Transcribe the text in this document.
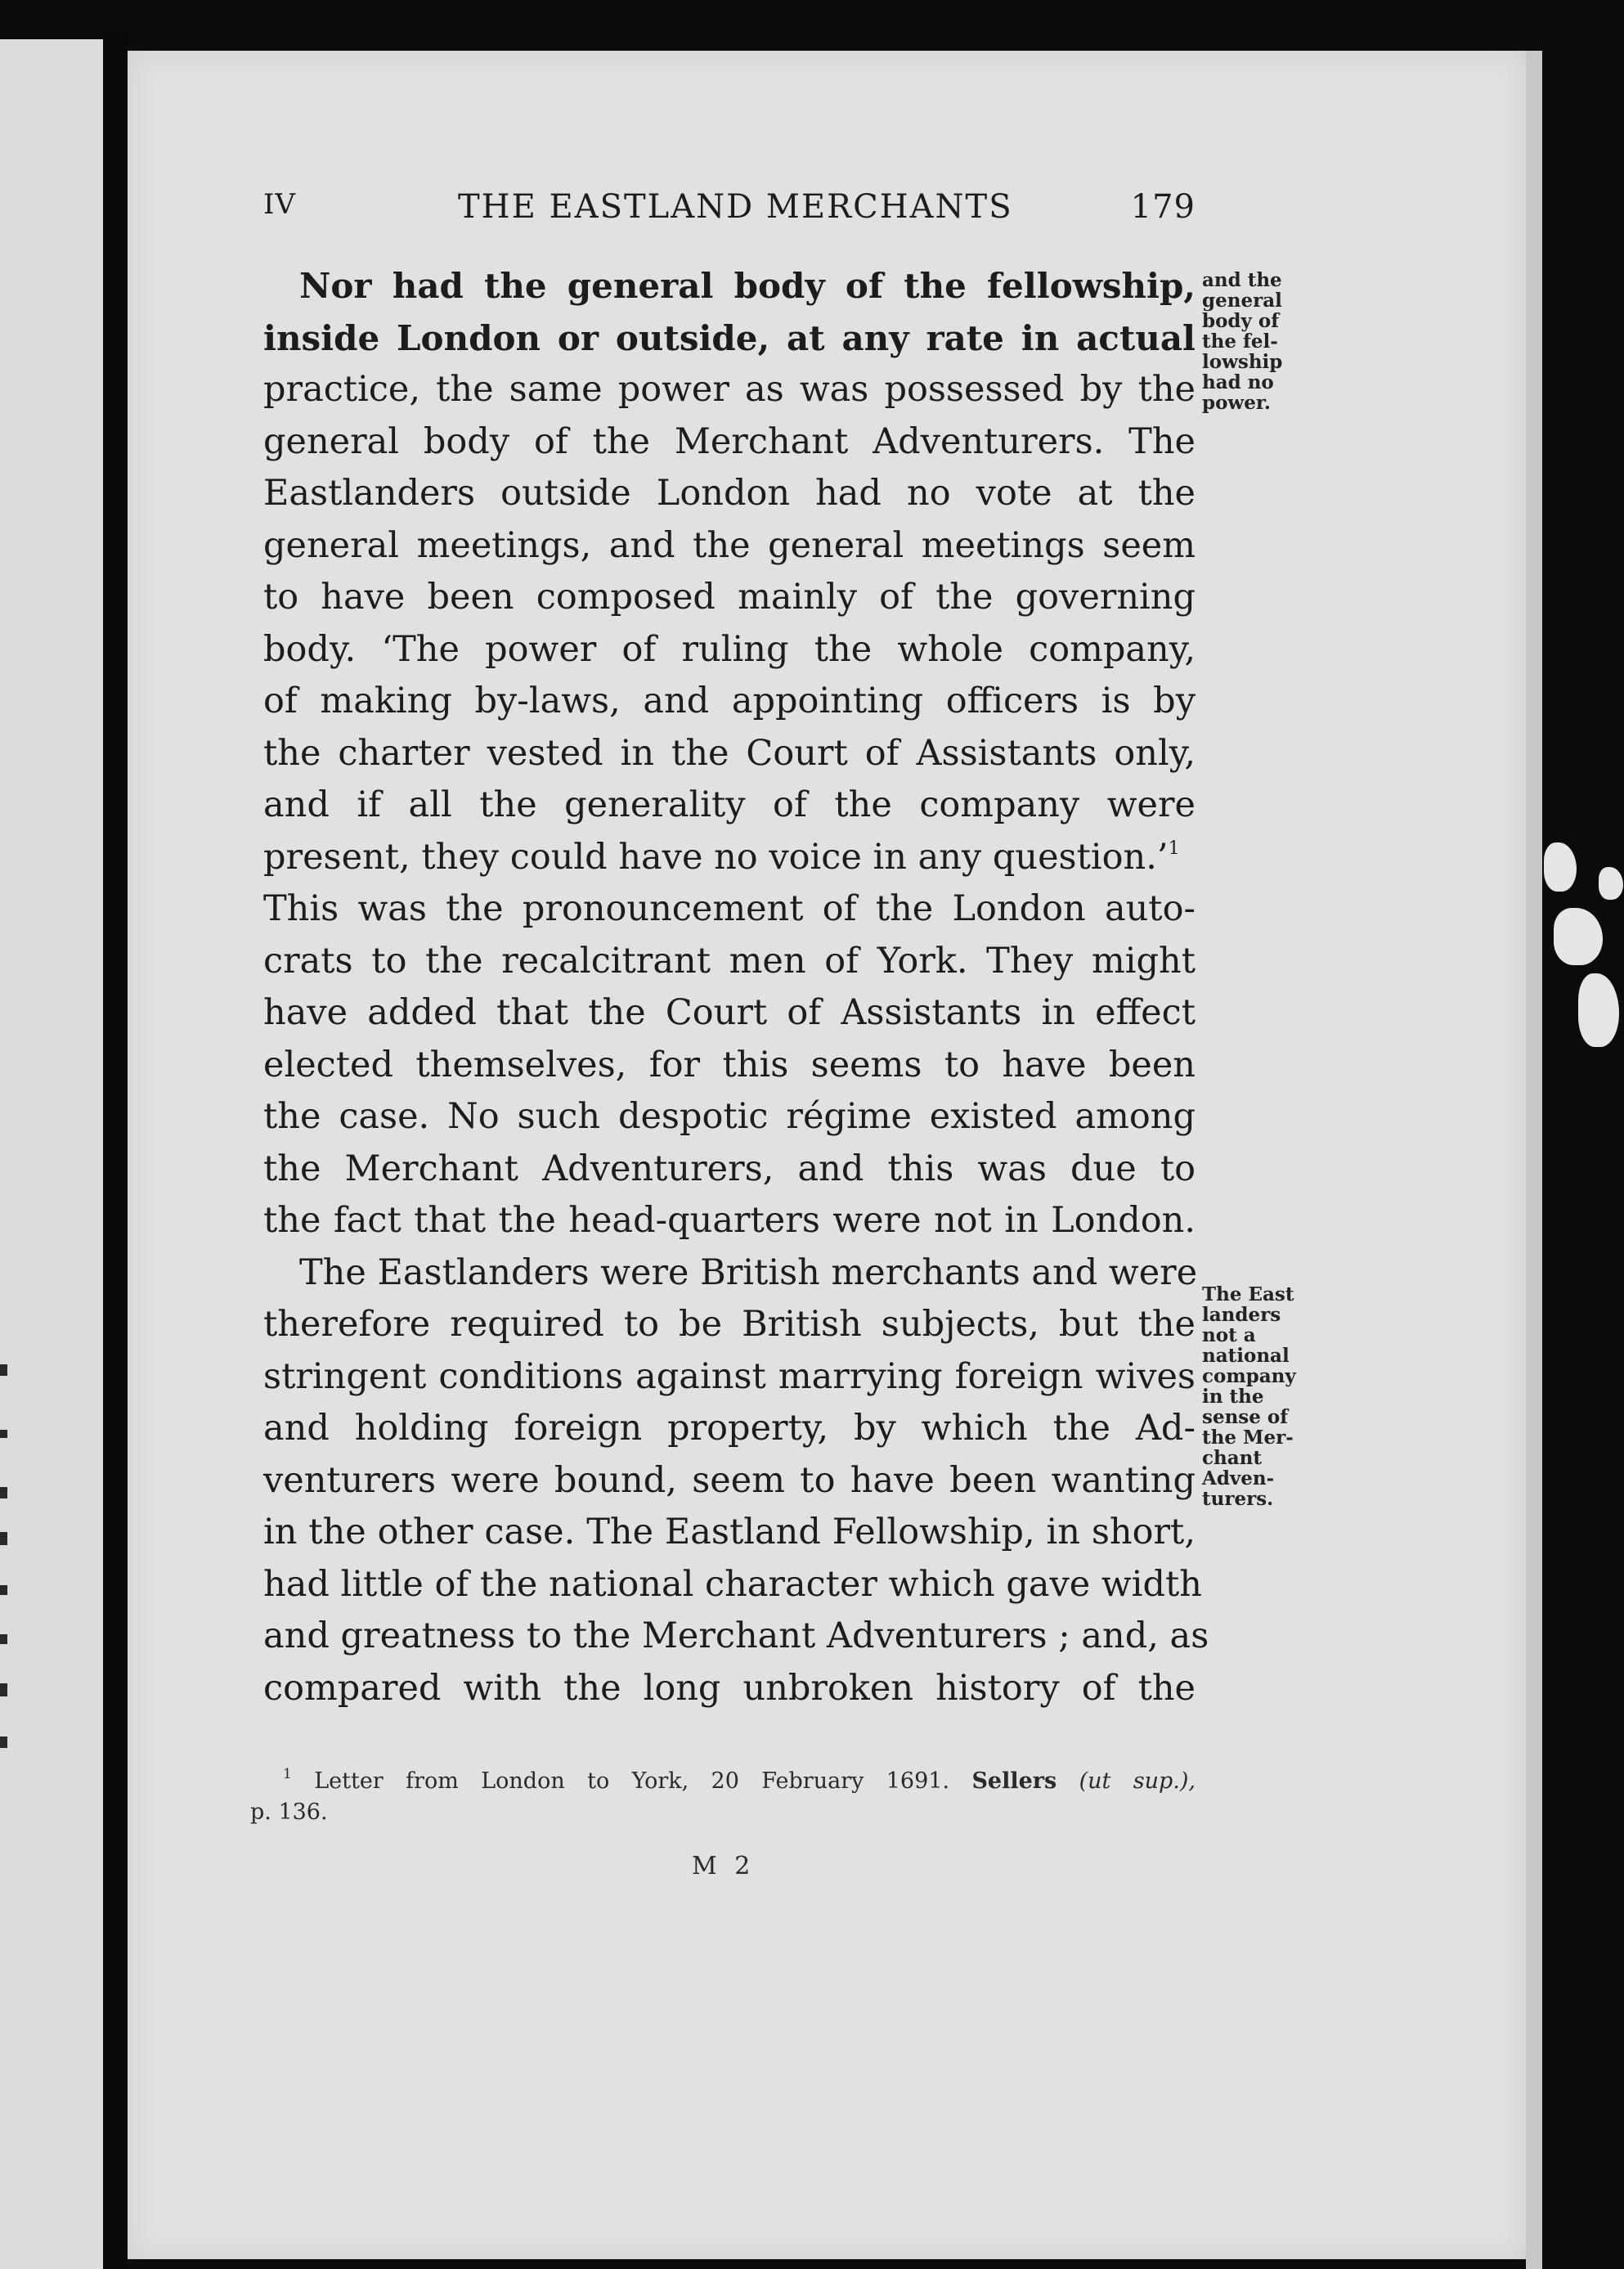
IV	THE EASTLAND MERCHANTS	179
Nor had the general body of the fellowship,
inside London or outside, at any rate in actual
practice, the same power as was possessed by the
general body of the Merchant Adventurers. The
Eastlanders outside London had no vote at the
general meetings, and the general meetings seem
to have been composed mainly of the governing
body. ‘The power of ruling the whole company,
of making by-laws, and appointing officers is by
the charter vested in the Court of Assistants only,
and if all the generality of the company were
present, they could have no voice in any question.’$^1$
This was the pronouncement of the London auto-
crats to the recalcitrant men of York. They might
have added that the Court of Assistants in effect
elected themselves, for this seems to have been
the case. No such despotic régime existed among
the Merchant Adventurers, and this was due to
the fact that the head-quarters were not in London.
The Eastlanders were British merchants and were
therefore required to be British subjects, but the
stringent conditions against marrying foreign wives
and holding foreign property, by which the Ad-
venturers were bound, seem to have been wanting
in the other case. The Eastland Fellowship, in short,
had little of the national character which gave width
and greatness to the Merchant Adventurers ; and, as
compared with the long unbroken history of the
and the
general
body of
the fel-
lowship
had no
power.
The East
landers
not a
national
company
in the
sense of
the Mer-
chant
Adven-
turers.
$^1$ Letter from London to York, 20 February 1691. Sellers (ut sup.),
p. 136.
M 2
